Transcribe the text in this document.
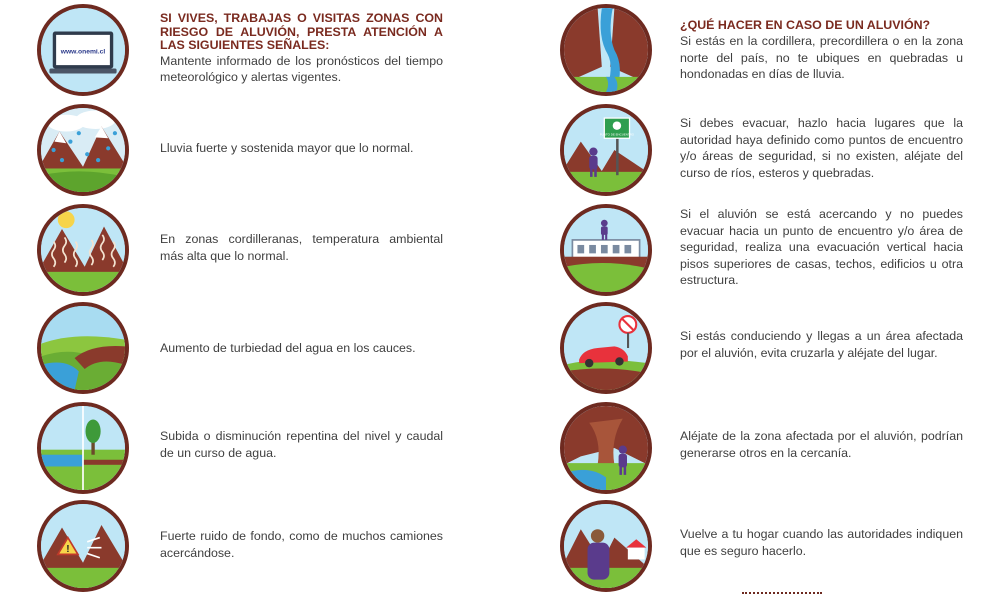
www.onemi.cl
SI VIVES, TRABAJAS O VISITAS ZONAS CON RIESGO DE ALUVIÓN, PRESTA ATENCIÓN A LAS SIGUIENTES SEÑALES:
Mantente informado de los pronósticos del tiempo meteorológico y alertas vigentes.
Lluvia fuerte y sostenida mayor que lo normal.
En zonas cordilleranas, temperatura ambiental más alta que lo normal.
Aumento de turbiedad del agua en los cauces.
Subida o disminución repentina del nivel y caudal de un curso de agua.
!
Fuerte ruido de fondo, como de muchos camiones acercándose.
¿QUÉ HACER EN CASO DE UN ALUVIÓN?
Si estás en la cordillera, precordillera o en la zona norte del país, no te ubiques en quebradas u hondonadas en días de lluvia.
PUNTO DE ENCUENTRO
Si debes evacuar, hazlo hacia lugares que la autoridad haya definido como puntos de encuentro y/o áreas de seguridad, si no existen, aléjate del curso de ríos, esteros y quebradas.
Si el aluvión se está acercando y no puedes evacuar hacia un punto de encuentro y/o área de seguridad, realiza una evacuación vertical hacia pisos superiores de casas, techos, edificios u otra estructura.
Si estás conduciendo y llegas a un área afectada por el aluvión, evita cruzarla y aléjate del lugar.
Aléjate de la zona afectada por el aluvión, podrían generarse otros en la cercanía.
Vuelve a tu hogar cuando las autoridades indiquen que es seguro hacerlo.
